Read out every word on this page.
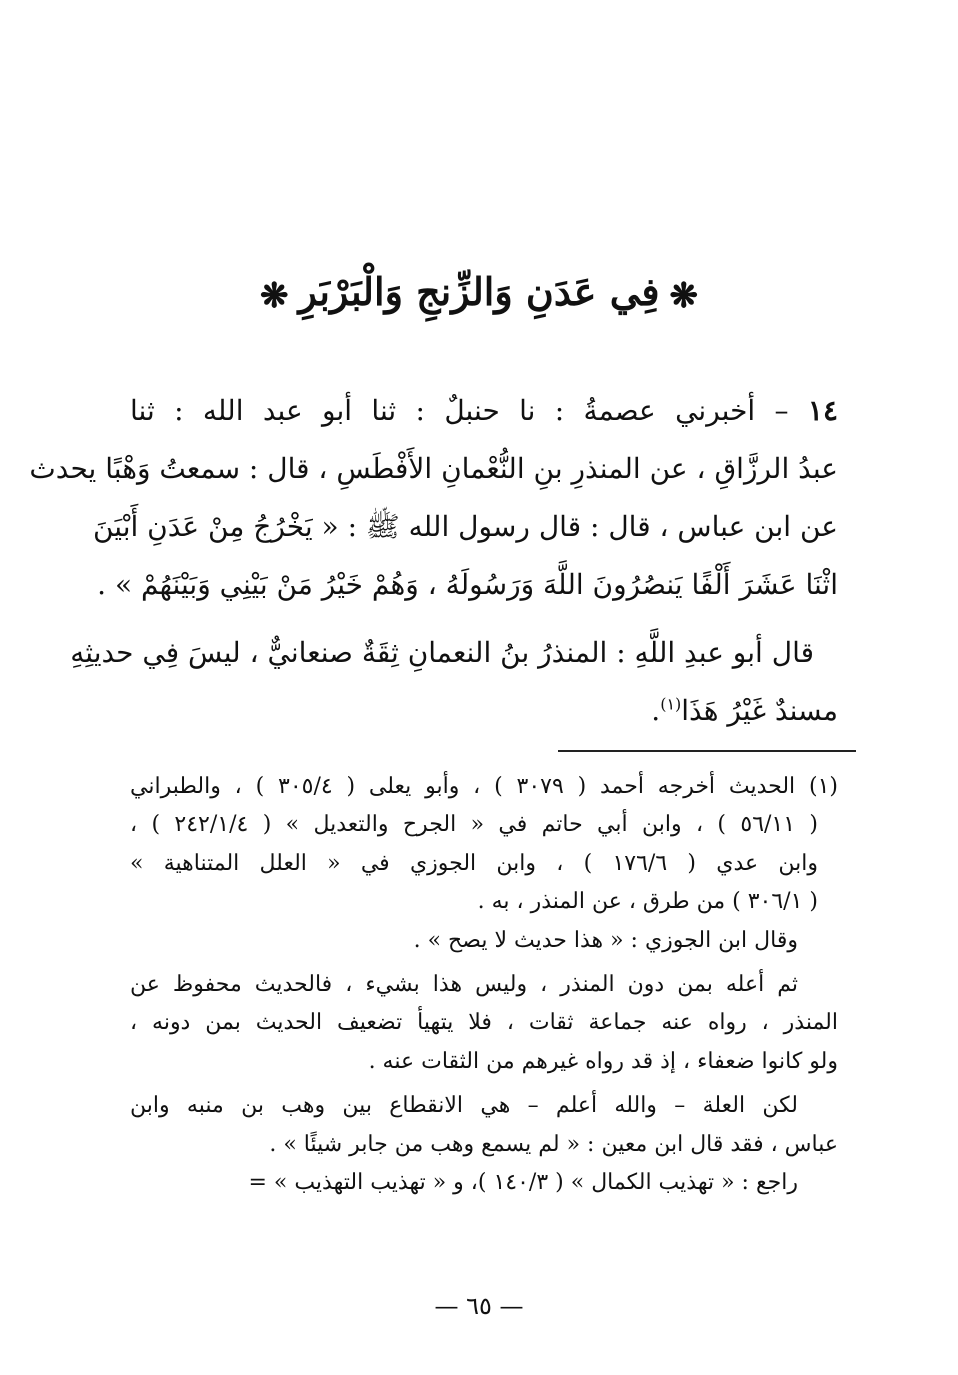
❋فِي عَدَنِ وَالزِّنجِ وَالْبَرْبَرِ❋
١٤ – أخبرني عصمةُ : نا حنبلٌ : ثنا أبو عبد الله : ثنا
عبدُ الرزَّاقِ ، عن المنذرِ بنِ النُّعْمانِ الأَفْطَسِ ، قال : سمعتُ وَهْبًا يحدث
عن ابن عباس ، قال : قال رسول الله ﷺ : « يَخْرُجُ مِنْ عَدَنِ أَبْيَنَ
اثْنَا عَشَرَ أَلْفًا يَنصُرُونَ اللَّهَ وَرَسُولَهُ ، وَهُمْ خَيْرُ مَنْ بَيْنِي وَبَيْنَهُمْ » .
قال أبو عبدِ اللَّهِ : المنذرُ بنُ النعمانِ ثِقَةٌ صنعانيٌّ ، ليسَ فِي حديثِهِ
مسندٌ غَيْرُ هَذَا$^{(١)}$.
(١) الحديث أخرجه أحمد ( ٣٠٧٩ ) ، وأبو يعلى ( ٣٠٥/٤ ) ، والطبراني
( ٥٦/١١ ) ، وابن أبي حاتم في « الجرح والتعديل » ( ٢٤٢/١/٤ ) ،
وابن عدي ( ١٧٦/٦ ) ، وابن الجوزي في « العلل المتناهية »
( ٣٠٦/١ ) من طرق ، عن المنذر ، به .
وقال ابن الجوزي : « هذا حديث لا يصح » .
ثم أعله بمن دون المنذر ، وليس هذا بشيء ، فالحديث محفوظ عن
المنذر ، رواه عنه جماعة ثقات ، فلا يتهيأ تضعيف الحديث بمن دونه ،
ولو كانوا ضعفاء ، إذ قد رواه غيرهم من الثقات عنه .
لكن العلة – والله أعلم – هي الانقطاع بين وهب بن منبه وابن
عباس ، فقد قال ابن معين : « لم يسمع وهب من جابر شيئًا » .
راجع : « تهذيب الكمال » ( ١٤٠/٣ )، و « تهذيب التهذيب » =
— ٦٥ —
